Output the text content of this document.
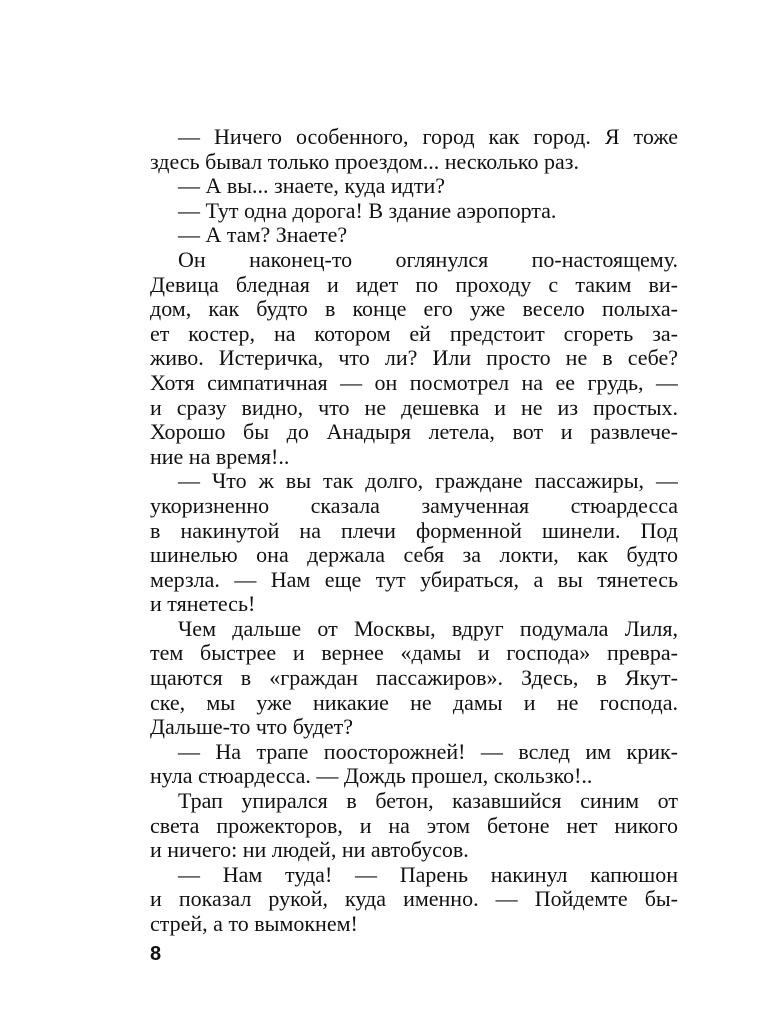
— Ничего особенного, город как город. Я тоже
здесь бывал только проездом... несколько раз.
— А вы... знаете, куда идти?
— Тут одна дорога! В здание аэропорта.
— А там? Знаете?
Он наконец-то оглянулся по-настоящему.
Девица бледная и идет по проходу с таким ви-
дом, как будто в конце его уже весело полыха-
ет костер, на котором ей предстоит сгореть за-
живо. Истеричка, что ли? Или просто не в себе?
Хотя симпатичная — он посмотрел на ее грудь, —
и сразу видно, что не дешевка и не из простых.
Хорошо бы до Анадыря летела, вот и развлече-
ние на время!..
— Что ж вы так долго, граждане пассажиры, —
укоризненно сказала замученная стюардесса
в накинутой на плечи форменной шинели. Под
шинелью она держала себя за локти, как будто
мерзла. — Нам еще тут убираться, а вы тянетесь
и тянетесь!
Чем дальше от Москвы, вдруг подумала Лиля,
тем быстрее и вернее «дамы и господа» превра-
щаются в «граждан пассажиров». Здесь, в Якут-
ске, мы уже никакие не дамы и не господа.
Дальше-то что будет?
— На трапе поосторожней! — вслед им крик-
нула стюардесса. — Дождь прошел, скользко!..
Трап упирался в бетон, казавшийся синим от
света прожекторов, и на этом бетоне нет никого
и ничего: ни людей, ни автобусов.
— Нам туда! — Парень накинул капюшон
и показал рукой, куда именно. — Пойдемте бы-
стрей, а то вымокнем!
8
